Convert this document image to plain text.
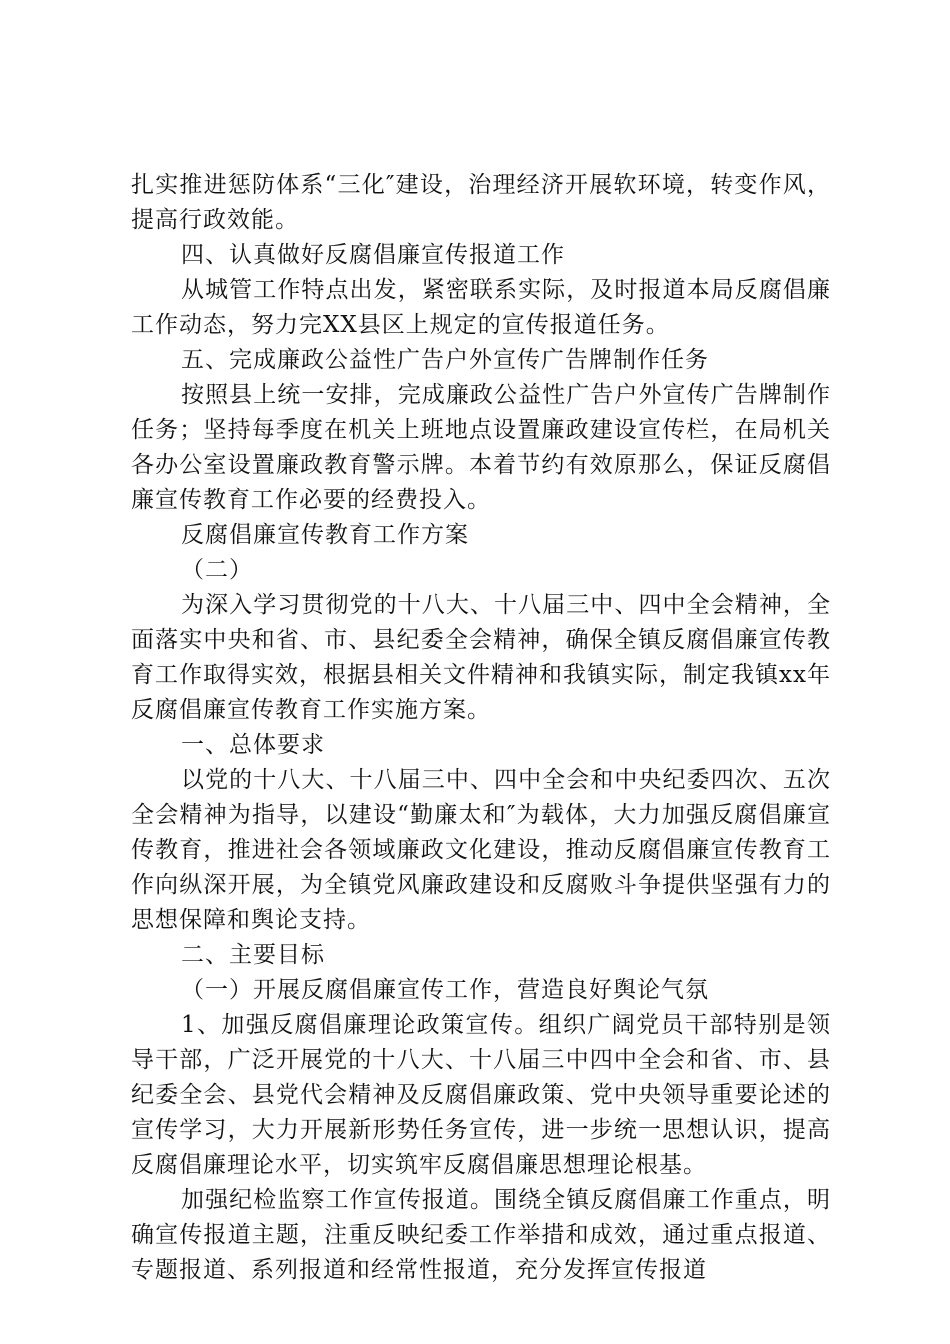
扎实推进惩防体系“三化″建设，治理经济开展软环境，转变作风，提高行政效能。

四、认真做好反腐倡廉宣传报道工作

从城管工作特点出发，紧密联系实际，及时报道本局反腐倡廉工作动态，努力完XX县区上规定的宣传报道任务。

五、完成廉政公益性广告户外宣传广告牌制作任务

按照县上统一安排，完成廉政公益性广告户外宣传广告牌制作任务；坚持每季度在机关上班地点设置廉政建设宣传栏，在局机关各办公室设置廉政教育警示牌。本着节约有效原那么，保证反腐倡廉宣传教育工作必要的经费投入。

反腐倡廉宣传教育工作方案

（二）

为深入学习贯彻党的十八大、十八届三中、四中全会精神，全面落实中央和省、市、县纪委全会精神，确保全镇反腐倡廉宣传教育工作取得实效，根据县相关文件精神和我镇实际，制定我镇xx年反腐倡廉宣传教育工作实施方案。

一、总体要求

以党的十八大、十八届三中、四中全会和中央纪委四次、五次全会精神为指导，以建设“勤廉太和″为载体，大力加强反腐倡廉宣传教育，推进社会各领域廉政文化建设，推动反腐倡廉宣传教育工作向纵深开展，为全镇党风廉政建设和反腐败斗争提供坚强有力的思想保障和舆论支持。

二、主要目标

（一）开展反腐倡廉宣传工作，营造良好舆论气氛

1、加强反腐倡廉理论政策宣传。组织广阔党员干部特别是领导干部，广泛开展党的十八大、十八届三中四中全会和省、市、县纪委全会、县党代会精神及反腐倡廉政策、党中央领导重要论述的宣传学习，大力开展新形势任务宣传，进一步统一思想认识，提高反腐倡廉理论水平，切实筑牢反腐倡廉思想理论根基。

加强纪检监察工作宣传报道。围绕全镇反腐倡廉工作重点，明确宣传报道主题，注重反映纪委工作举措和成效，通过重点报道、专题报道、系列报道和经常性报道，充分发挥宣传报道
